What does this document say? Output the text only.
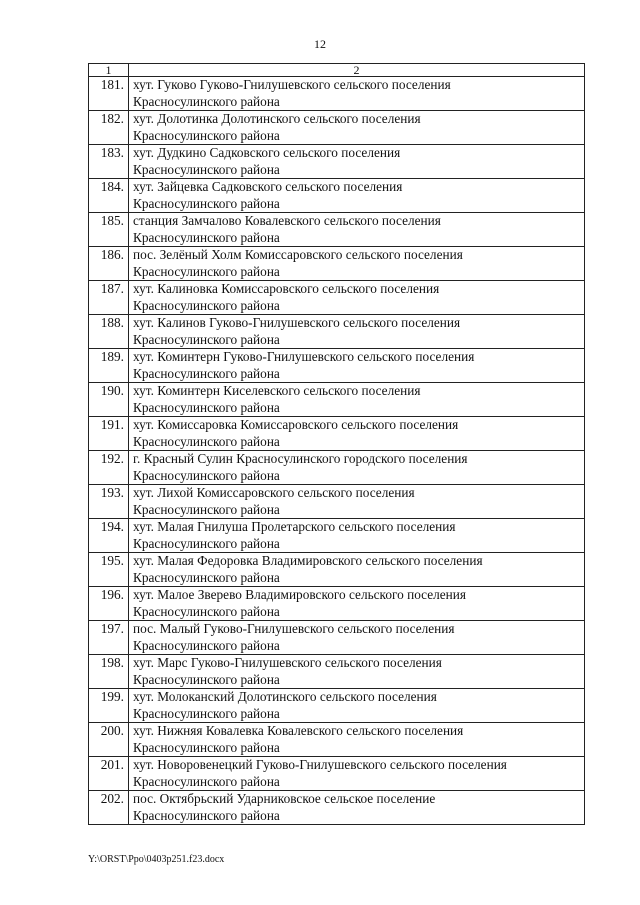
12
1	2
181.	хут. Гуково Гуково-Гнилушевского сельского поселения
Красносулинского района

182.	хут. Долотинка Долотинского сельского поселения
Красносулинского района

183.	хут. Дудкино Садковского сельского поселения
Красносулинского района

184.	хут. Зайцевка Садковского сельского поселения
Красносулинского района

185.	станция Замчалово Ковалевского сельского поселения
Красносулинского района

186.	пос. Зелёный Холм Комиссаровского сельского поселения
Красносулинского района

187.	хут. Калиновка Комиссаровского сельского поселения
Красносулинского района

188.	хут. Калинов Гуково-Гнилушевского сельского поселения
Красносулинского района

189.	хут. Коминтерн Гуково-Гнилушевского сельского поселения
Красносулинского района

190.	хут. Коминтерн Киселевского сельского поселения
Красносулинского района

191.	хут. Комиссаровка Комиссаровского сельского поселения
Красносулинского района

192.	г. Красный Сулин Красносулинского городского поселения
Красносулинского района

193.	хут. Лихой Комиссаровского сельского поселения
Красносулинского района

194.	хут. Малая Гнилуша Пролетарского сельского поселения
Красносулинского района

195.	хут. Малая Федоровка Владимировского сельского поселения
Красносулинского района

196.	хут. Малое Зверево Владимировского сельского поселения
Красносулинского района

197.	пос. Малый Гуково-Гнилушевского сельского поселения
Красносулинского района

198.	хут. Марс Гуково-Гнилушевского сельского поселения
Красносулинского района

199.	хут. Молоканский Долотинского сельского поселения
Красносулинского района

200.	хут. Нижняя Ковалевка Ковалевского сельского поселения
Красносулинского района

201.	хут. Новоровенецкий Гуково-Гнилушевского сельского поселения
Красносулинского района

202.	пос. Октябрьский Ударниковское сельское поселение
Красносулинского района
Y:\ORST\Ppo\0403p251.f23.docx
